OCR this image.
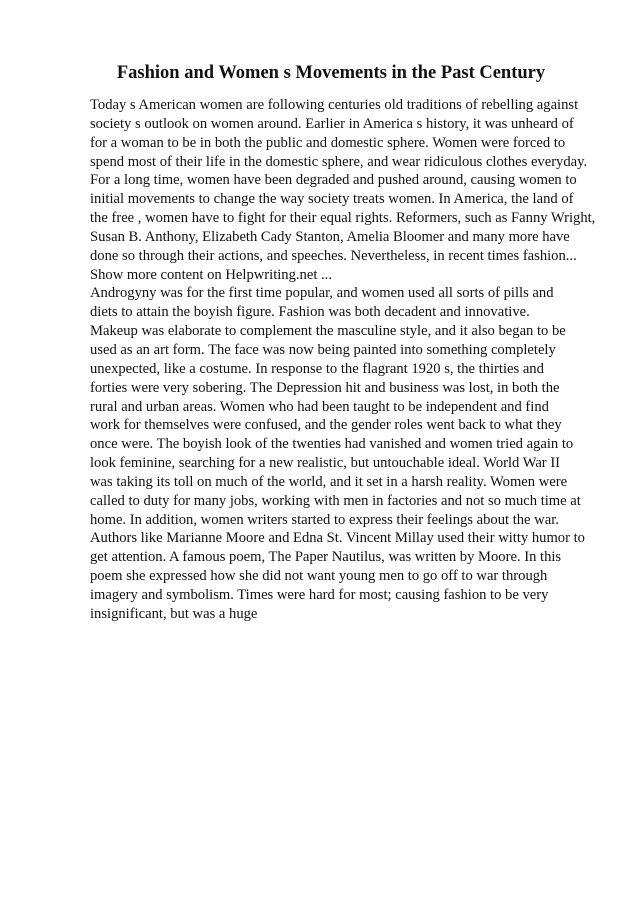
Fashion and Women s Movements in the Past Century

Today s American women are following centuries old traditions of rebelling against

society s outlook on women around. Earlier in America s history, it was unheard of

for a woman to be in both the public and domestic sphere. Women were forced to

spend most of their life in the domestic sphere, and wear ridiculous clothes everyday.

For a long time, women have been degraded and pushed around, causing women to

initial movements to change the way society treats women. In America, the land of

the free , women have to fight for their equal rights. Reformers, such as Fanny Wright,

Susan B. Anthony, Elizabeth Cady Stanton, Amelia Bloomer and many more have

done so through their actions, and speeches. Nevertheless, in recent times fashion...

Show more content on Helpwriting.net ...

Androgyny was for the first time popular, and women used all sorts of pills and

diets to attain the boyish figure. Fashion was both decadent and innovative.

Makeup was elaborate to complement the masculine style, and it also began to be

used as an art form. The face was now being painted into something completely

unexpected, like a costume. In response to the flagrant 1920 s, the thirties and

forties were very sobering. The Depression hit and business was lost, in both the

rural and urban areas. Women who had been taught to be independent and find

work for themselves were confused, and the gender roles went back to what they

once were. The boyish look of the twenties had vanished and women tried again to

look feminine, searching for a new realistic, but untouchable ideal. World War II

was taking its toll on much of the world, and it set in a harsh reality. Women were

called to duty for many jobs, working with men in factories and not so much time at

home. In addition, women writers started to express their feelings about the war.

Authors like Marianne Moore and Edna St. Vincent Millay used their witty humor to

get attention. A famous poem, The Paper Nautilus, was written by Moore. In this

poem she expressed how she did not want young men to go off to war through

imagery and symbolism. Times were hard for most; causing fashion to be very

insignificant, but was a huge
